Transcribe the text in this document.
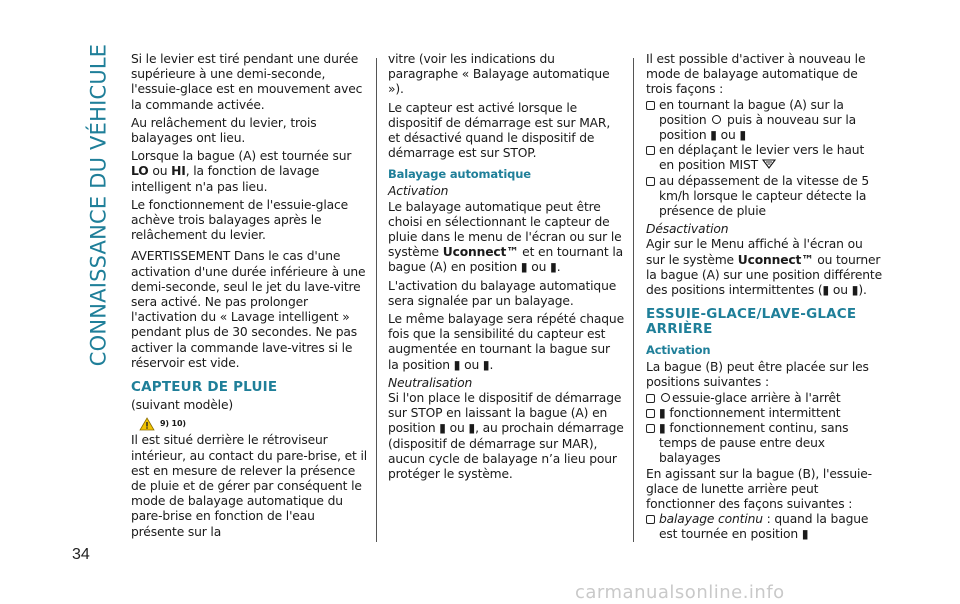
CONNAISSANCE DU VÉHICULE
34

Si le levier est tiré pendant une durée supérieure à une demi-seconde, l'essuie-glace est en mouvement avec la commande activée.

Au relâchement du levier, trois balayages ont lieu.

Lorsque la bague (A) est tournée sur LO ou HI, la fonction de lavage intelligent n'a pas lieu.

Le fonctionnement de l'essuie-glace achève trois balayages après le relâchement du levier.

AVERTISSEMENT Dans le cas d'une activation d'une durée inférieure à une demi-seconde, seul le jet du lave-vitre sera activé. Ne pas prolonger l'activation du « Lavage intelligent » pendant plus de 30 secondes. Ne pas activer la commande lave-vitres si le réservoir est vide.

CAPTEUR DE PLUIE

(suivant modèle)

9) 10)

Il est situé derrière le rétroviseur intérieur, au contact du pare-brise, et il est en mesure de relever la présence de pluie et de gérer par conséquent le mode de balayage automatique du pare-brise en fonction de l'eau présente sur la

vitre (voir les indications du paragraphe « Balayage automatique »).

Le capteur est activé lorsque le dispositif de démarrage est sur MAR, et désactivé quand le dispositif de démarrage est sur STOP.

Balayage automatique

Activation

Le balayage automatique peut être choisi en sélectionnant le capteur de pluie dans le menu de l'écran ou sur le système Uconnect™ et en tournant la bague (A) en position ▮ ou ▮.

L'activation du balayage automatique sera signalée par un balayage.

Le même balayage sera répété chaque fois que la sensibilité du capteur est augmentée en tournant la bague sur la position ▮ ou ▮.

Neutralisation

Si l'on place le dispositif de démarrage sur STOP en laissant la bague (A) en position ▮ ou ▮, au prochain démarrage (dispositif de démarrage sur MAR), aucun cycle de balayage n’a lieu pour protéger le système.

Il est possible d'activer à nouveau le mode de balayage automatique de trois façons :

en tournant la bague (A) sur la position  puis à nouveau sur la position ▮ ou ▮
en déplaçant le levier vers le haut en position MIST
au dépassement de la vitesse de 5 km/h lorsque le capteur détecte la présence de pluie

Désactivation

Agir sur le Menu affiché à l'écran ou sur le système Uconnect™ ou tourner la bague (A) sur une position différente des positions intermittentes (▮ ou ▮).

ESSUIE-GLACE/LAVE-GLACE ARRIÈRE
Activation

La bague (B) peut être placée sur les positions suivantes :

essuie-glace arrière à l'arrêt
▮ fonctionnement intermittent
▮ fonctionnement continu, sans temps de pause entre deux balayages

En agissant sur la bague (B), l'essuie-glace de lunette arrière peut fonctionner des façons suivantes :

balayage continu : quand la bague est tournée en position ▮
carmanualsonline.info
